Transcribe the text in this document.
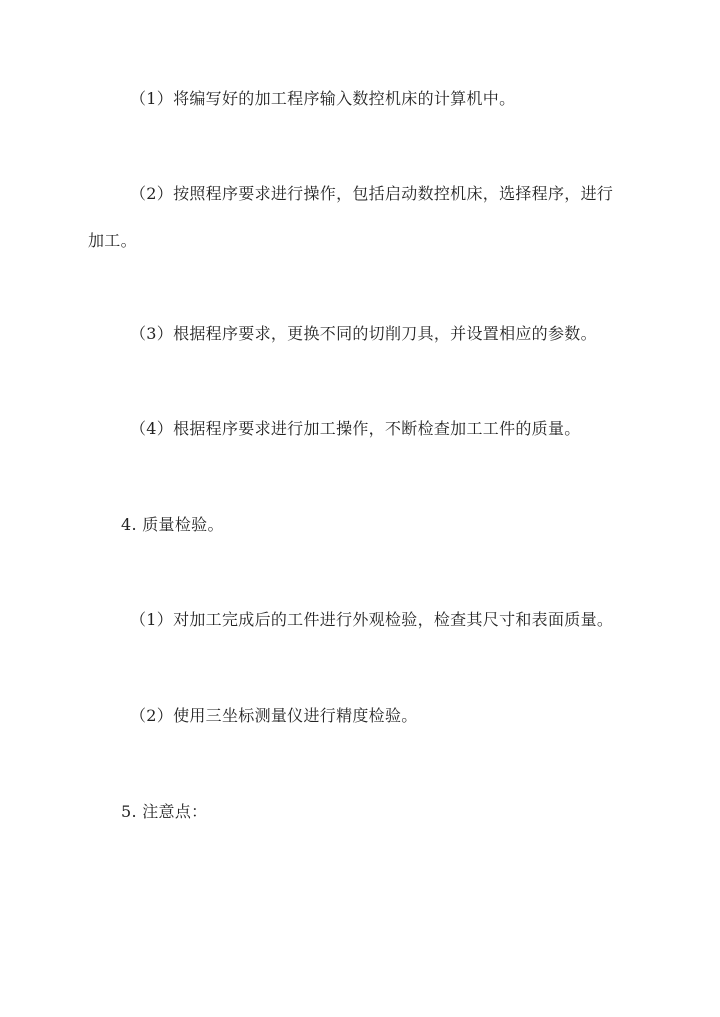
（1）将编写好的加工程序输入数控机床的计算机中。
（2）按照程序要求进行操作，包括启动数控机床，选择程序，进行
加工。
（3）根据程序要求，更换不同的切削刀具，并设置相应的参数。
（4）根据程序要求进行加工操作，不断检查加工工件的质量。
4. 质量检验。
（1）对加工完成后的工件进行外观检验，检查其尺寸和表面质量。
（2）使用三坐标测量仪进行精度检验。
5. 注意点：
